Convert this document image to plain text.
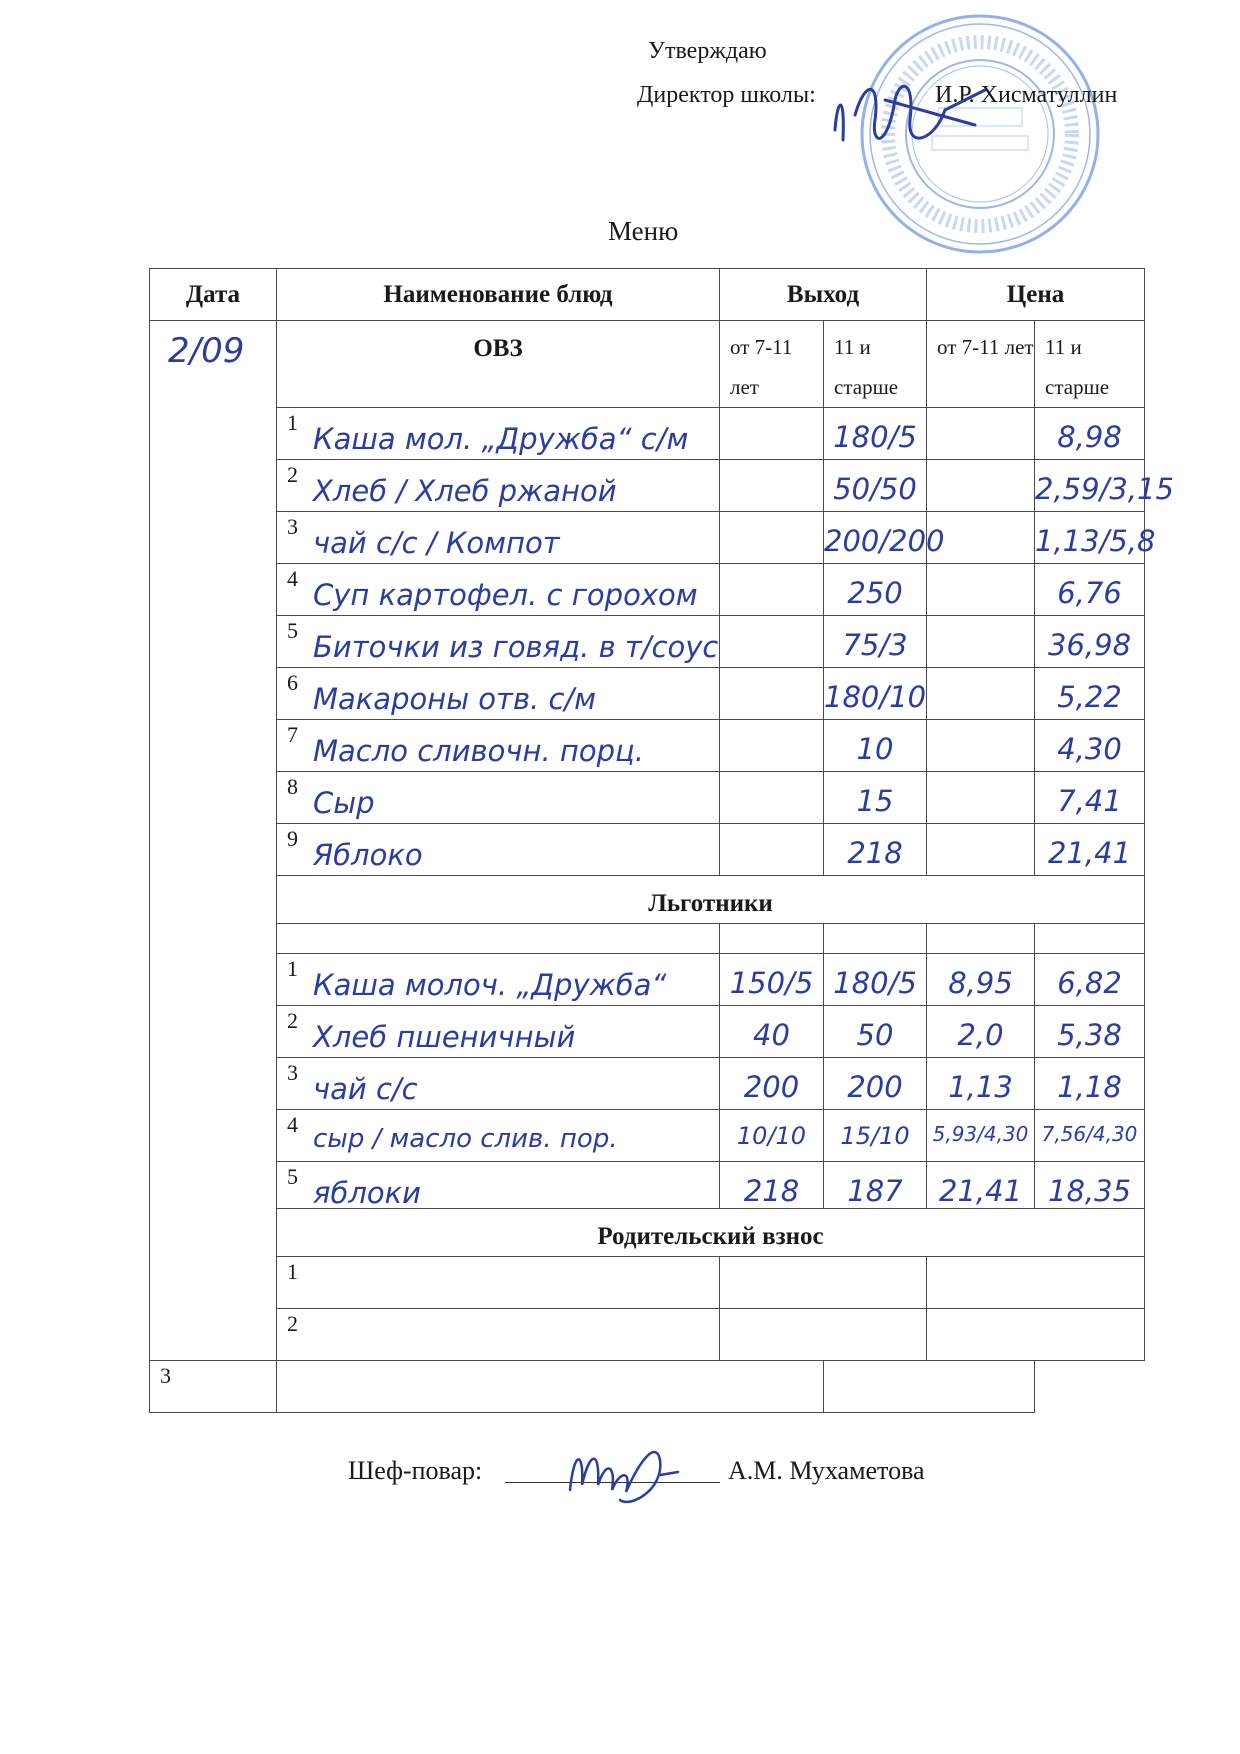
Утверждаю
Директор школы:	И.Р. Хисматуллин
Меню
Дата	Наименование блюд	Выход		Цена	
2/09	ОВЗ	от 7-11 лет	11 и старше	от 7-11 лет	11 и старше

	1 Каша мол. „Дружба“ с/м		180/5		8,98

	2 Хлеб / Хлеб ржаной		50/50		2,59/3,15

	3 чай с/с / Компот		200/200		1,13/5,8

	4 Суп картофел. с горохом		250		6,76

	5 Биточки из говяд. в т/соус		75/3		36,98

	6 Макароны отв. с/м		180/10		5,22

	7 Масло сливочн. порц.		10		4,30

	8 Сыр		15		7,41

	9 Яблоко		218		21,41
	Льготники				

	1 Каша молоч. „Дружба“	150/5	180/5	8,95	6,82

	2 Хлеб пшеничный	40	50	2,0	5,38

	3 чай с/с	200	200	1,13	1,18

	4 сыр / масло слив. пор.	10/10	15/10	5,93/4,30	7,56/4,30

	5 яблоки	218	187	21,41	18,35
	Родительский взнос				

	1				

	2				

3					

Шеф-повар:	А.М. Мухаметова
